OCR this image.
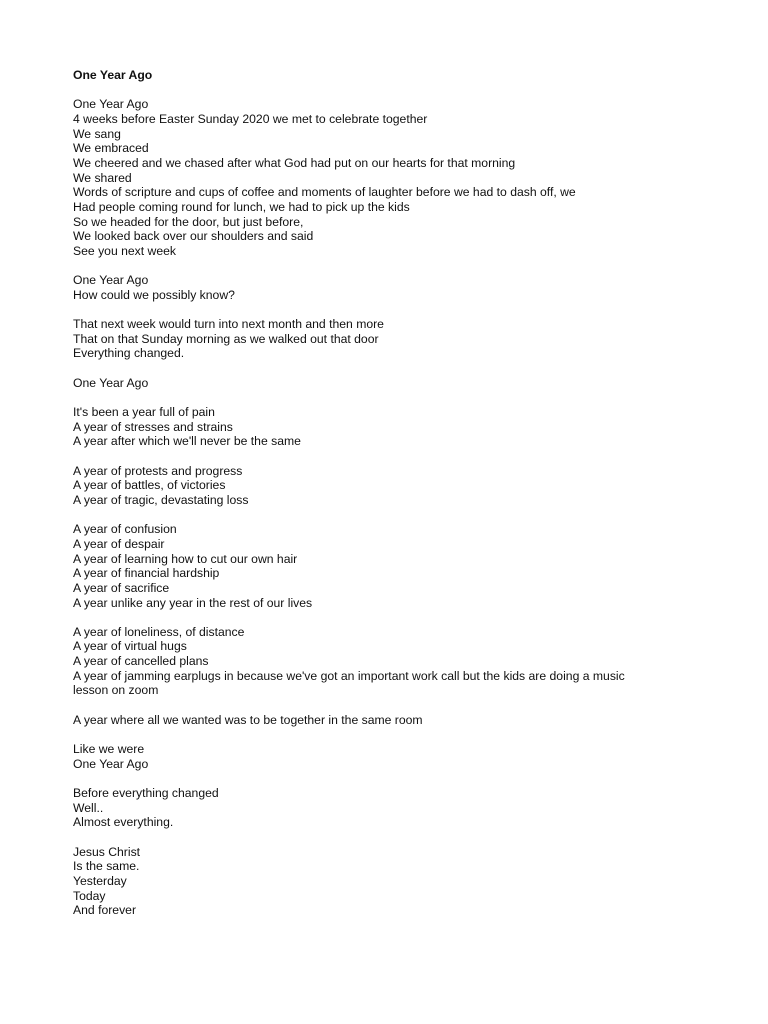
One Year Ago
One Year Ago
4 weeks before Easter Sunday 2020 we met to celebrate together
We sang
We embraced
We cheered and we chased after what God had put on our hearts for that morning
We shared
Words of scripture and cups of coffee and moments of laughter before we had to dash off, we
Had people coming round for lunch, we had to pick up the kids
So we headed for the door, but just before,
We looked back over our shoulders and said
See you next week
One Year Ago
How could we possibly know?
That next week would turn into next month and then more
That on that Sunday morning as we walked out that door
Everything changed.
One Year Ago
It's been a year full of pain
A year of stresses and strains
A year after which we'll never be the same
A year of protests and progress
A year of battles, of victories
A year of tragic, devastating loss
A year of confusion
A year of despair
A year of learning how to cut our own hair
A year of financial hardship
A year of sacrifice
A year unlike any year in the rest of our lives
A year of loneliness, of distance
A year of virtual hugs
A year of cancelled plans
A year of jamming earplugs in because we've got an important work call but the kids are doing a music
lesson on zoom
A year where all we wanted was to be together in the same room
Like we were
One Year Ago
Before everything changed
Well..
Almost everything.
Jesus Christ
Is the same.
Yesterday
Today
And forever
